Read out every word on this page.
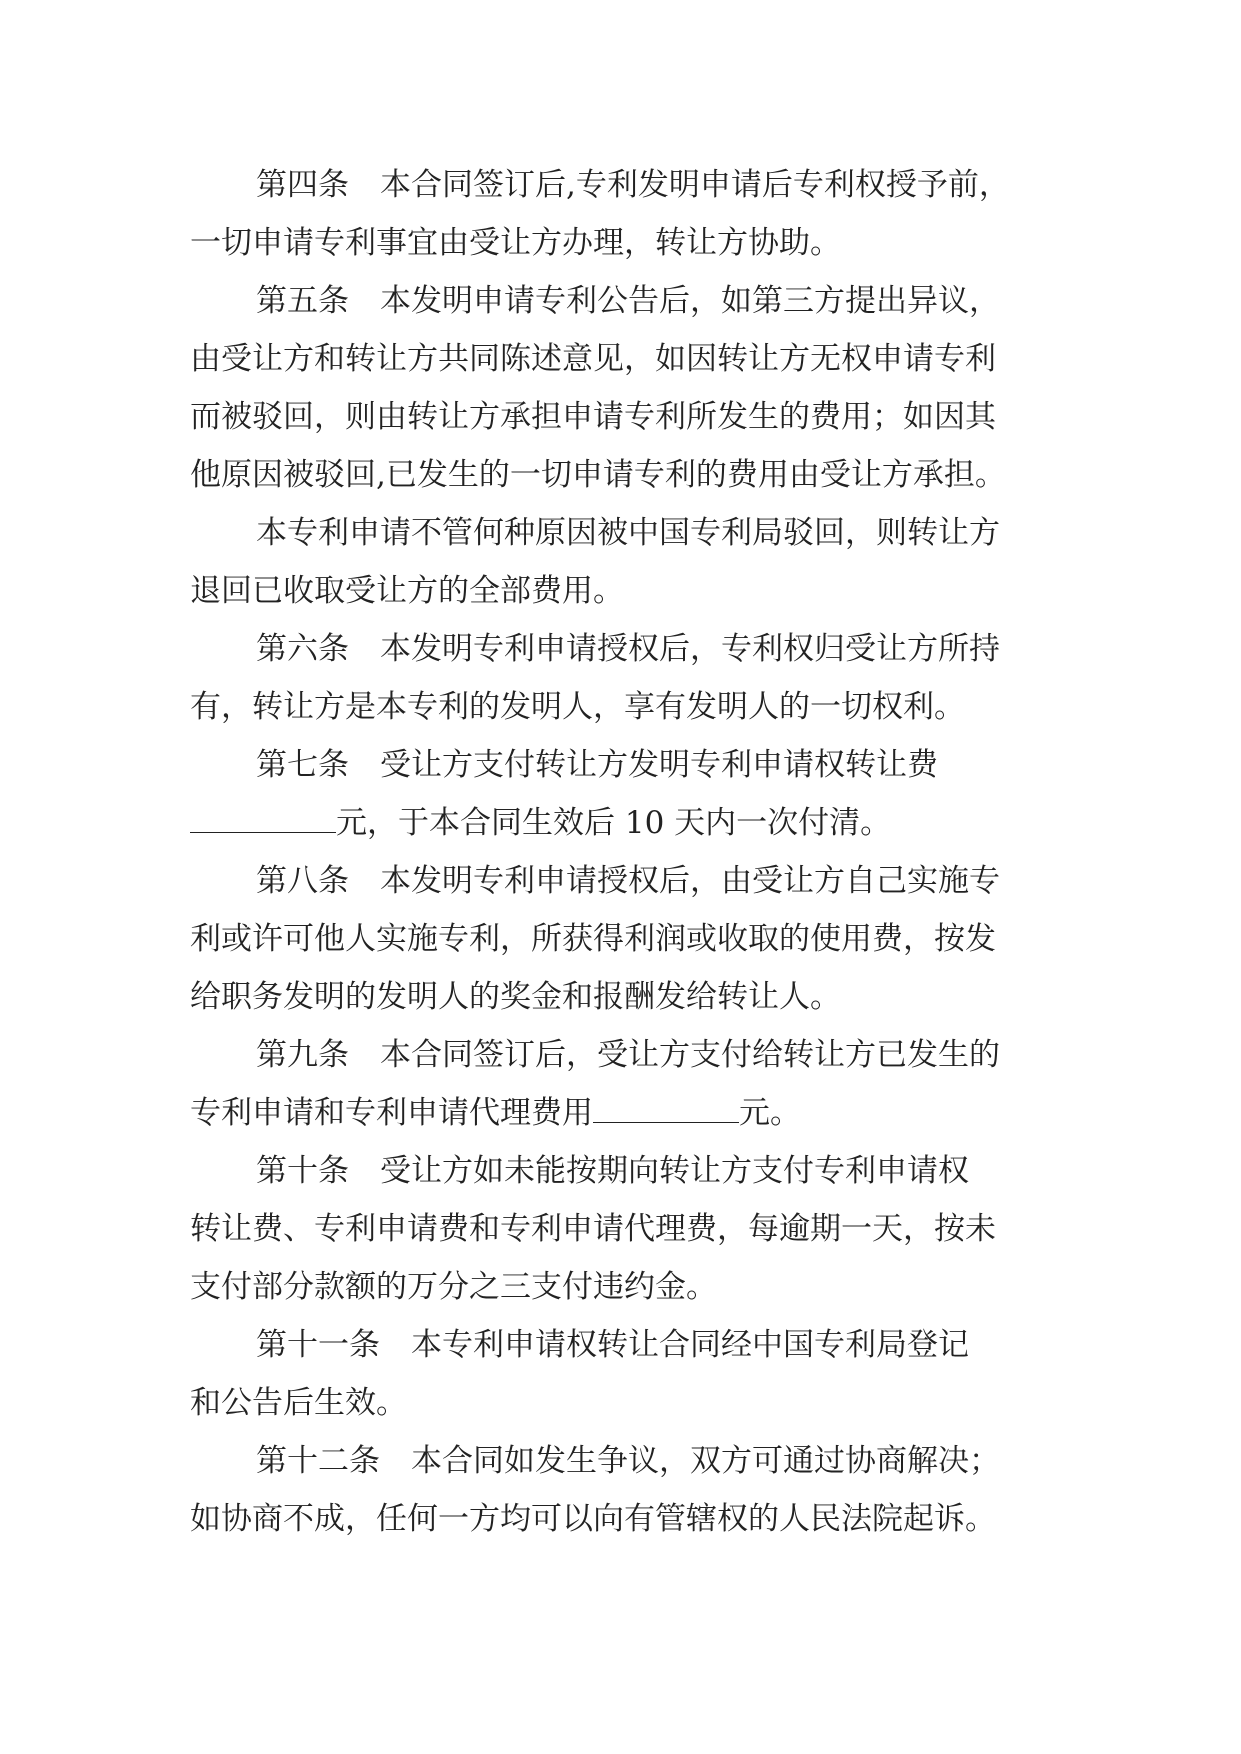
第四条　本合同签订后,专利发明申请后专利权授予前，
一切申请专利事宜由受让方办理，转让方协助。
第五条　本发明申请专利公告后，如第三方提出异议，
由受让方和转让方共同陈述意见，如因转让方无权申请专利
而被驳回，则由转让方承担申请专利所发生的费用；如因其
他原因被驳回,已发生的一切申请专利的费用由受让方承担。
本专利申请不管何种原因被中国专利局驳回，则转让方
退回已收取受让方的全部费用。
第六条　本发明专利申请授权后，专利权归受让方所持
有，转让方是本专利的发明人，享有发明人的一切权利。
第七条　受让方支付转让方发明专利申请权转让费
元，于本合同生效后 10 天内一次付清。
第八条　本发明专利申请授权后，由受让方自己实施专
利或许可他人实施专利，所获得利润或收取的使用费，按发
给职务发明的发明人的奖金和报酬发给转让人。
第九条　本合同签订后，受让方支付给转让方已发生的
专利申请和专利申请代理费用	元。
第十条　受让方如未能按期向转让方支付专利申请权
转让费、专利申请费和专利申请代理费，每逾期一天，按未
支付部分款额的万分之三支付违约金。
第十一条　本专利申请权转让合同经中国专利局登记
和公告后生效。
第十二条　本合同如发生争议，双方可通过协商解决；
如协商不成，任何一方均可以向有管辖权的人民法院起诉。
